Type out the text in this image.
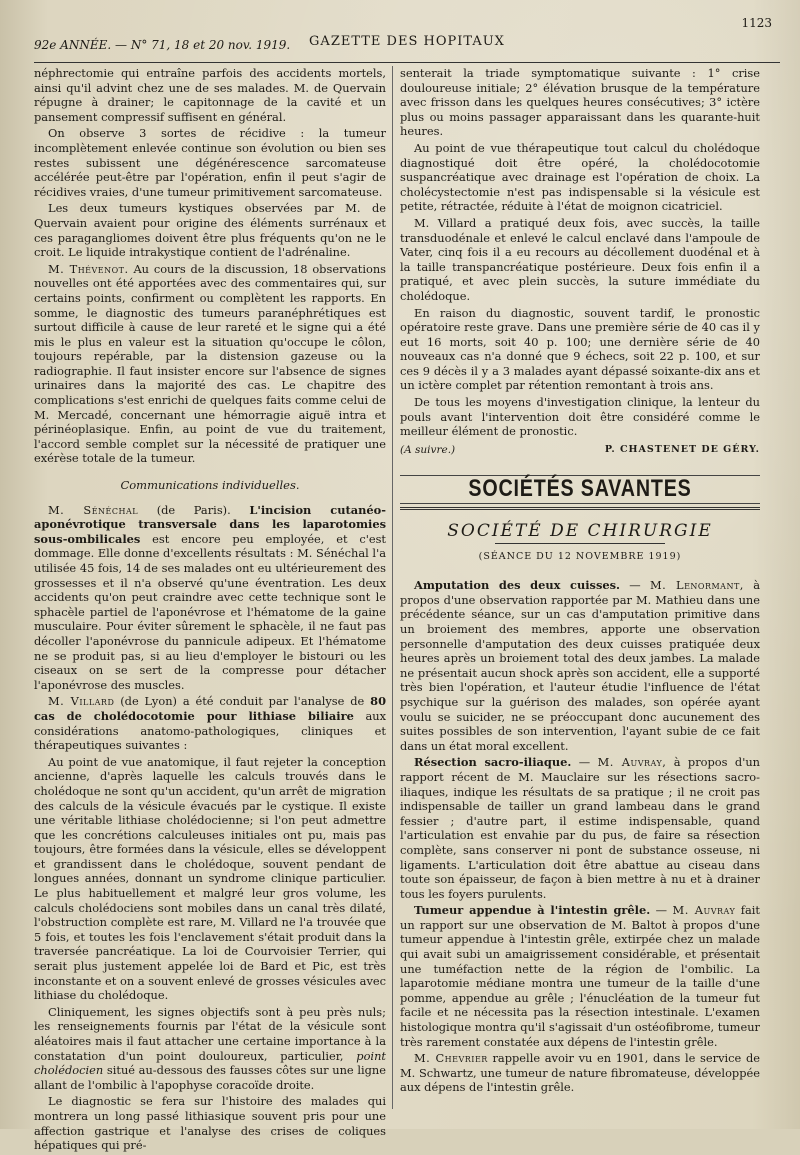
92e ANNÉE. — N° 71, 18 et 20 nov. 1919.	GAZETTE DES HOPITAUX
1123

néphrectomie qui entraîne parfois des accidents mortels, ainsi qu'il advint chez une de ses malades. M. de Quervain répugne à drainer; le capitonnage de la cavité et un pansement compressif suffisent en général.

On observe 3 sortes de récidive : la tumeur incomplètement enlevée continue son évolution ou bien ses restes subissent une dégénérescence sarcomateuse accélérée peut-être par l'opération, enfin il peut s'agir de récidives vraies, d'une tumeur primitivement sarcomateuse.

Les deux tumeurs kystiques observées par M. de Quervain avaient pour origine des éléments surrénaux et ces paragangliomes doivent être plus fréquents qu'on ne le croit. Le liquide intrakystique contient de l'adrénaline.

M. Thévenot. Au cours de la discussion, 18 observations nouvelles ont été apportées avec des commentaires qui, sur certains points, confirment ou complètent les rapports. En somme, le diagnostic des tumeurs paranéphrétiques est surtout difficile à cause de leur rareté et le signe qui a été mis le plus en valeur est la situation qu'occupe le côlon, toujours repérable, par la distension gazeuse ou la radiographie. Il faut insister encore sur l'absence de signes urinaires dans la majorité des cas. Le chapitre des complications s'est enrichi de quelques faits comme celui de M. Mercadé, concernant une hémorragie aiguë intra et périnéoplasique. Enfin, au point de vue du traitement, l'accord semble complet sur la nécessité de pratiquer une exérèse totale de la tumeur.

Communications individuelles.

M. Sénéchal (de Paris). L'incision cutanéo-aponévrotique transversale dans les laparotomies sous-ombilicales est encore peu employée, et c'est dommage. Elle donne d'excellents résultats : M. Sénéchal l'a utilisée 45 fois, 14 de ses malades ont eu ultérieurement des grossesses et il n'a observé qu'une éventration. Les deux accidents qu'on peut craindre avec cette technique sont le sphacèle partiel de l'aponévrose et l'hématome de la gaine musculaire. Pour éviter sûrement le sphacèle, il ne faut pas décoller l'aponévrose du pannicule adipeux. Et l'hématome ne se produit pas, si au lieu d'employer le bistouri ou les ciseaux on se sert de la compresse pour détacher l'aponévrose des muscles.

M. Villard (de Lyon) a été conduit par l'analyse de 80 cas de cholédocotomie pour lithiase biliaire aux considérations anatomo-pathologiques, cliniques et thérapeutiques suivantes :

Au point de vue anatomique, il faut rejeter la conception ancienne, d'après laquelle les calculs trouvés dans le cholédoque ne sont qu'un accident, qu'un arrêt de migration des calculs de la vésicule évacués par le cystique. Il existe une véritable lithiase cholédocienne; si l'on peut admettre que les concrétions calculeuses initiales ont pu, mais pas toujours, être formées dans la vésicule, elles se développent et grandissent dans le cholédoque, souvent pendant de longues années, donnant un syndrome clinique particulier. Le plus habituellement et malgré leur gros volume, les calculs cholédociens sont mobiles dans un canal très dilaté, l'obstruction complète est rare, M. Villard ne l'a trouvée que 5 fois, et toutes les fois l'enclavement s'était produit dans la traversée pancréatique. La loi de Courvoisier Terrier, qui serait plus justement appelée loi de Bard et Pic, est très inconstante et on a souvent enlevé de grosses vésicules avec lithiase du cholédoque.

Cliniquement, les signes objectifs sont à peu près nuls; les renseignements fournis par l'état de la vésicule sont aléatoires mais il faut attacher une certaine importance à la constatation d'un point douloureux, particulier, point cholédocien situé au-dessous des fausses côtes sur une ligne allant de l'ombilic à l'apophyse coracoïde droite.

Le diagnostic se fera sur l'histoire des malades qui montrera un long passé lithiasique souvent pris pour une affection gastrique et l'analyse des crises de coliques hépatiques qui pré-

senterait la triade symptomatique suivante : 1° crise douloureuse initiale; 2° élévation brusque de la température avec frisson dans les quelques heures consécutives; 3° ictère plus ou moins passager apparaissant dans les quarante-huit heures.

Au point de vue thérapeutique tout calcul du cholédoque diagnostiqué doit être opéré, la cholédocotomie suspancréatique avec drainage est l'opération de choix. La cholécystectomie n'est pas indispensable si la vésicule est petite, rétractée, réduite à l'état de moignon cicatriciel.

M. Villard a pratiqué deux fois, avec succès, la taille transduodénale et enlevé le calcul enclavé dans l'ampoule de Vater, cinq fois il a eu recours au décollement duodénal et à la taille transpancréatique postérieure. Deux fois enfin il a pratiqué, et avec plein succès, la suture immédiate du cholédoque.

En raison du diagnostic, souvent tardif, le pronostic opératoire reste grave. Dans une première série de 40 cas il y eut 16 morts, soit 40 p. 100; une dernière série de 40 nouveaux cas n'a donné que 9 échecs, soit 22 p. 100, et sur ces 9 décès il y a 3 malades ayant dépassé soixante-dix ans et un ictère complet par rétention remontant à trois ans.

De tous les moyens d'investigation clinique, la lenteur du pouls avant l'intervention doit être considéré comme le meilleur élément de pronostic.

(A suivre.)	P. CHASTENET DE GÉRY.
SOCIÉTÉS SAVANTES
SOCIÉTÉ DE CHIRURGIE
(SÉANCE DU 12 NOVEMBRE 1919)

Amputation des deux cuisses. — M. Lenormant, à propos d'une observation rapportée par M. Mathieu dans une précédente séance, sur un cas d'amputation primitive dans un broiement des membres, apporte une observation personnelle d'amputation des deux cuisses pratiquée deux heures après un broiement total des deux jambes. La malade ne présentait aucun shock après son accident, elle a supporté très bien l'opération, et l'auteur étudie l'influence de l'état psychique sur la guérison des malades, son opérée ayant voulu se suicider, ne se préoccupant donc aucunement des suites possibles de son intervention, l'ayant subie de ce fait dans un état moral excellent.

Résection sacro-iliaque. — M. Auvray, à propos d'un rapport récent de M. Mauclaire sur les résections sacro-iliaques, indique les résultats de sa pratique ; il ne croit pas indispensable de tailler un grand lambeau dans le grand fessier ; d'autre part, il estime indispensable, quand l'articulation est envahie par du pus, de faire sa résection complète, sans conserver ni pont de substance osseuse, ni ligaments. L'articulation doit être abattue au ciseau dans toute son épaisseur, de façon à bien mettre à nu et à drainer tous les foyers purulents.

Tumeur appendue à l'intestin grêle. — M. Auvray fait un rapport sur une observation de M. Baltot à propos d'une tumeur appendue à l'intestin grêle, extirpée chez un malade qui avait subi un amaigrissement considérable, et présentait une tuméfaction nette de la région de l'ombilic. La laparotomie médiane montra une tumeur de la taille d'une pomme, appendue au grêle ; l'énucléation de la tumeur fut facile et ne nécessita pas la résection intestinale. L'examen histologique montra qu'il s'agissait d'un ostéofibrome, tumeur très rarement constatée aux dépens de l'intestin grêle.

M. Chevrier rappelle avoir vu en 1901, dans le service de M. Schwartz, une tumeur de nature fibromateuse, développée aux dépens de l'intestin grêle.
